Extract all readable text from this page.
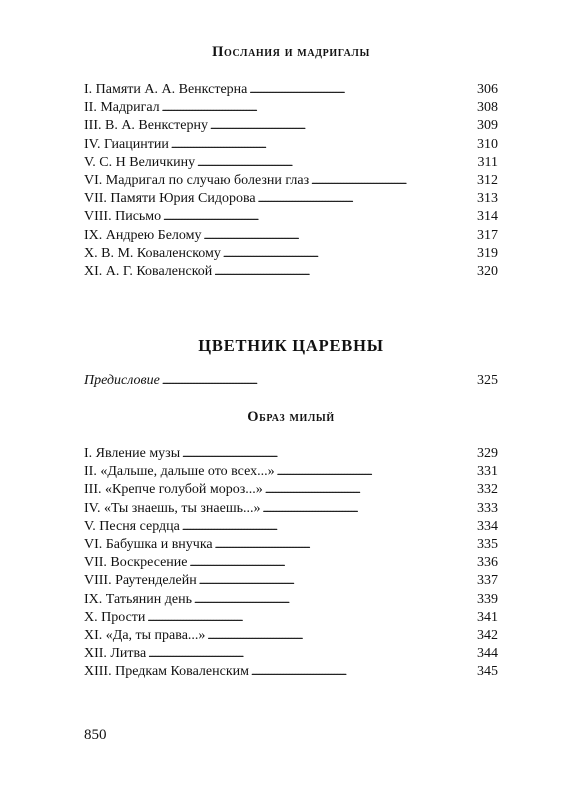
Послания и мадригалы
I. Памяти А. А. Венкстерна . . .	306
II. Мадригал . . .	308
III. В. А. Венкстерну . . .	309
IV. Гиацинтии . . .	310
V. С. Н Величкину . . .	311
VI. Мадригал по случаю болезни глаз . . .	312
VII. Памяти Юрия Сидорова . . .	313
VIII. Письмо . . .	314
IX. Андрею Белому . . .	317
X. В. М. Коваленскому . . .	319
XI. А. Г. Коваленской . . .	320
ЦВЕТНИК ЦАРЕВНЫ
Предисловие . . .	325
Образ милый
I. Явление музы . . .	329
II. «Дальше, дальше ото всех...» . . .	331
III. «Крепче голубой мороз...» . . .	332
IV. «Ты знаешь, ты знаешь...» . . .	333
V. Песня сердца . . .	334
VI. Бабушка и внучка . . .	335
VII. Воскресение . . .	336
VIII. Раутенделейн . . .	337
IX. Татьянин день . . .	339
X. Прости . . .	341
XI. «Да, ты права...» . . .	342
XII. Литва . . .	344
XIII. Предкам Коваленским . . .	345

850
